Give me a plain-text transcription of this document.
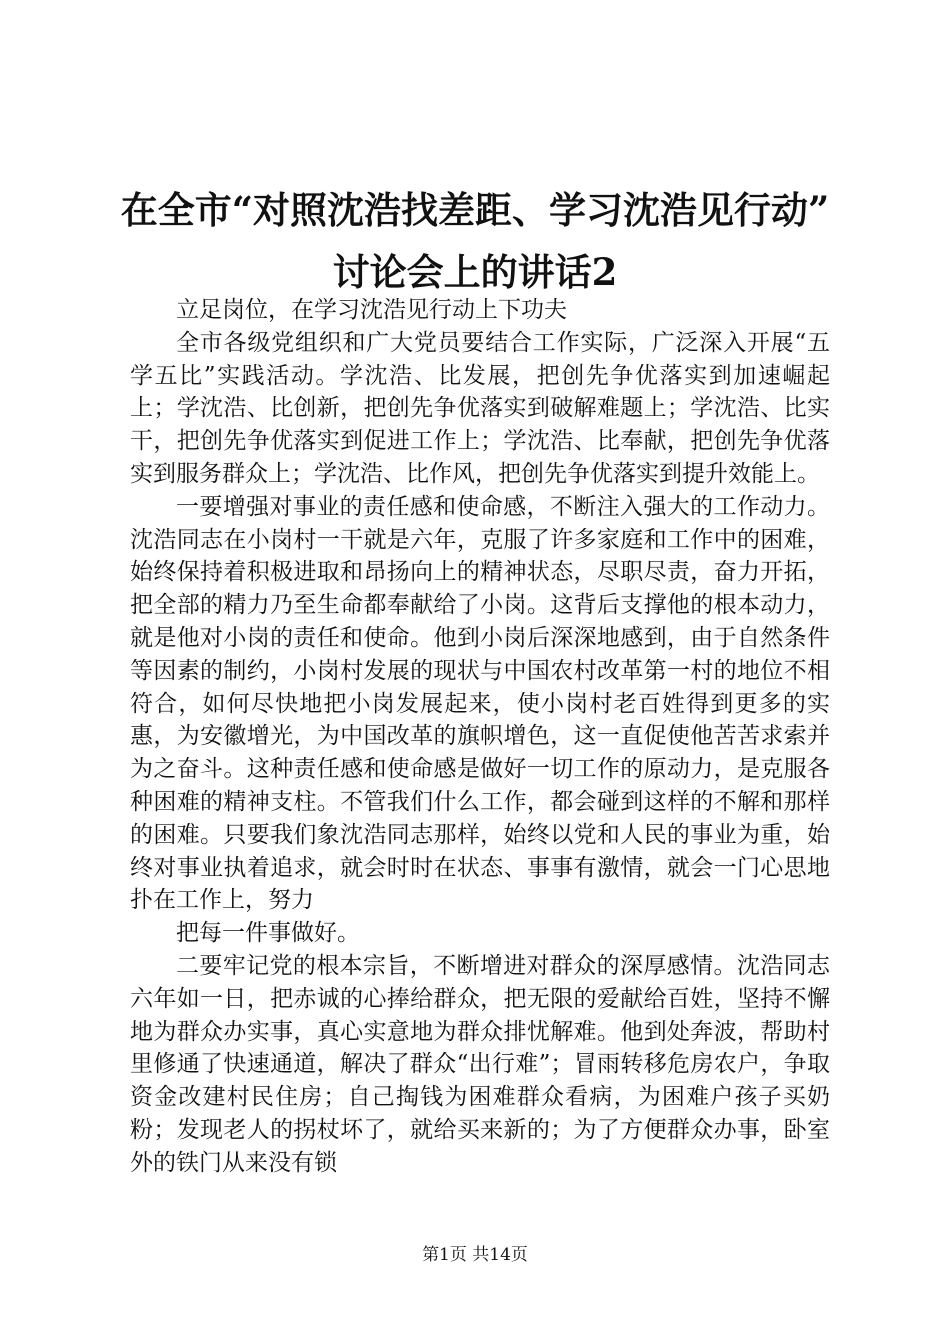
在全市“对照沈浩找差距、学习沈浩见行动”
讨论会上的讲话2

立足岗位，在学习沈浩见行动上下功夫

全市各级党组织和广大党员要结合工作实际，广泛深入开展“五学五比”实践活动。学沈浩、比发展，把创先争优落实到加速崛起上；学沈浩、比创新，把创先争优落实到破解难题上；学沈浩、比实干，把创先争优落实到促进工作上；学沈浩、比奉献，把创先争优落实到服务群众上；学沈浩、比作风，把创先争优落实到提升效能上。

一要增强对事业的责任感和使命感，不断注入强大的工作动力。沈浩同志在小岗村一干就是六年，克服了许多家庭和工作中的困难，始终保持着积极进取和昂扬向上的精神状态，尽职尽责，奋力开拓，把全部的精力乃至生命都奉献给了小岗。这背后支撑他的根本动力，就是他对小岗的责任和使命。他到小岗后深深地感到，由于自然条件等因素的制约，小岗村发展的现状与中国农村改革第一村的地位不相符合，如何尽快地把小岗发展起来，使小岗村老百姓得到更多的实惠，为安徽增光，为中国改革的旗帜增色，这一直促使他苦苦求索并为之奋斗。这种责任感和使命感是做好一切工作的原动力，是克服各种困难的精神支柱。不管我们什么工作，都会碰到这样的不解和那样的困难。只要我们象沈浩同志那样，始终以党和人民的事业为重，始终对事业执着追求，就会时时在状态、事事有激情，就会一门心思地扑在工作上，努力

把每一件事做好。

二要牢记党的根本宗旨，不断增进对群众的深厚感情。沈浩同志六年如一日，把赤诚的心捧给群众，把无限的爱献给百姓，坚持不懈地为群众办实事，真心实意地为群众排忧解难。他到处奔波，帮助村里修通了快速通道，解决了群众“出行难”；冒雨转移危房农户，争取资金改建村民住房；自己掏钱为困难群众看病，为困难户孩子买奶粉；发现老人的拐杖坏了，就给买来新的；为了方便群众办事，卧室外的铁门从来没有锁

第1页 共14页
